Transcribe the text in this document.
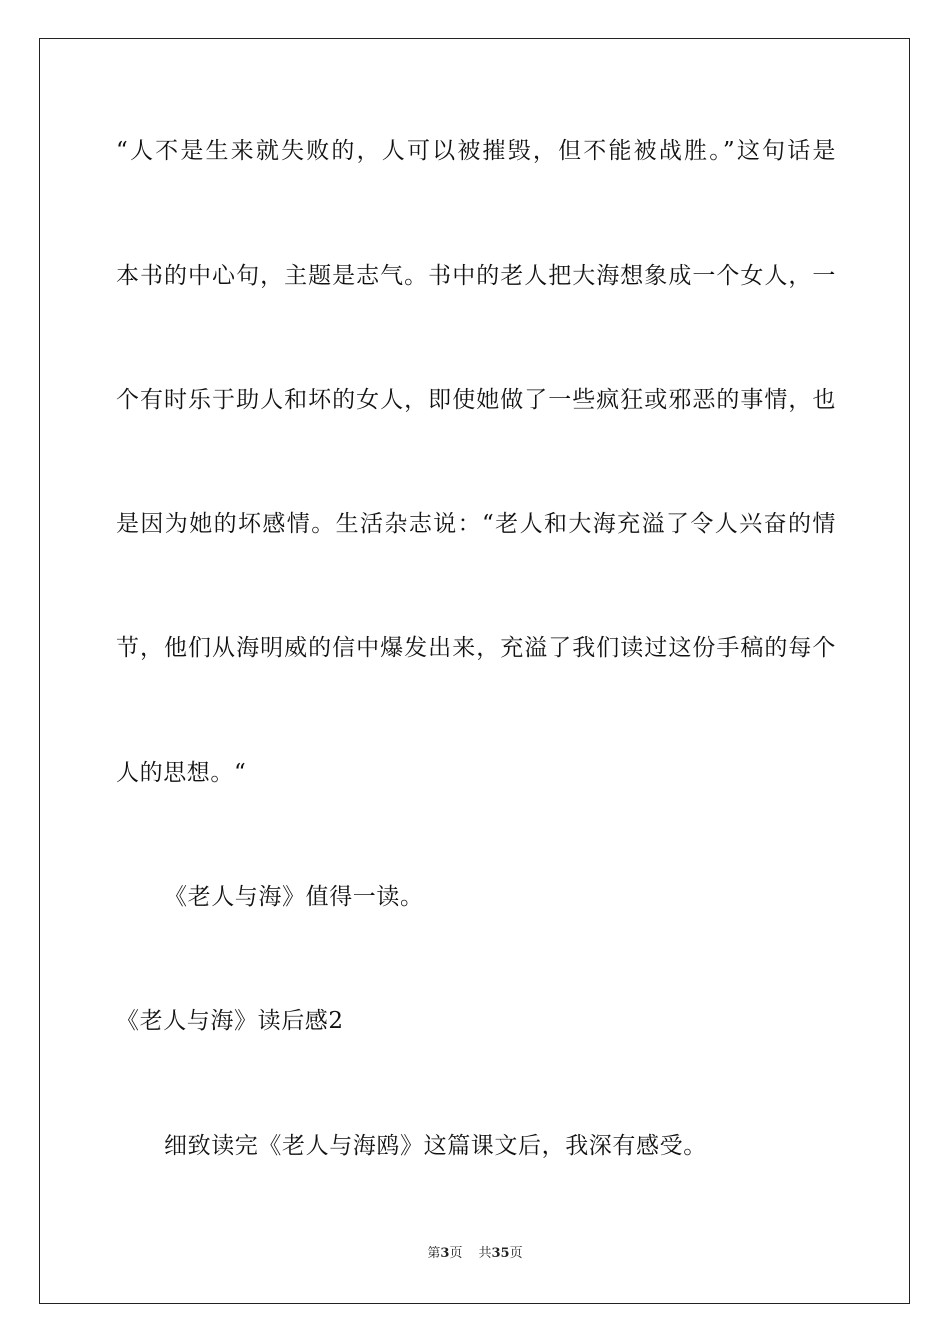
“人不是生来就失败的，人可以被摧毁，但不能被战胜。”这句话是
本书的中心句，主题是志气。书中的老人把大海想象成一个女人，一
个有时乐于助人和坏的女人，即使她做了一些疯狂或邪恶的事情，也
是因为她的坏感情。生活杂志说：“老人和大海充溢了令人兴奋的情
节，他们从海明威的信中爆发出来，充溢了我们读过这份手稿的每个
人的思想。“
《老人与海》值得一读。
《老人与海》读后感2
细致读完《老人与海鸥》这篇课文后，我深有感受。
第3页 共35页
